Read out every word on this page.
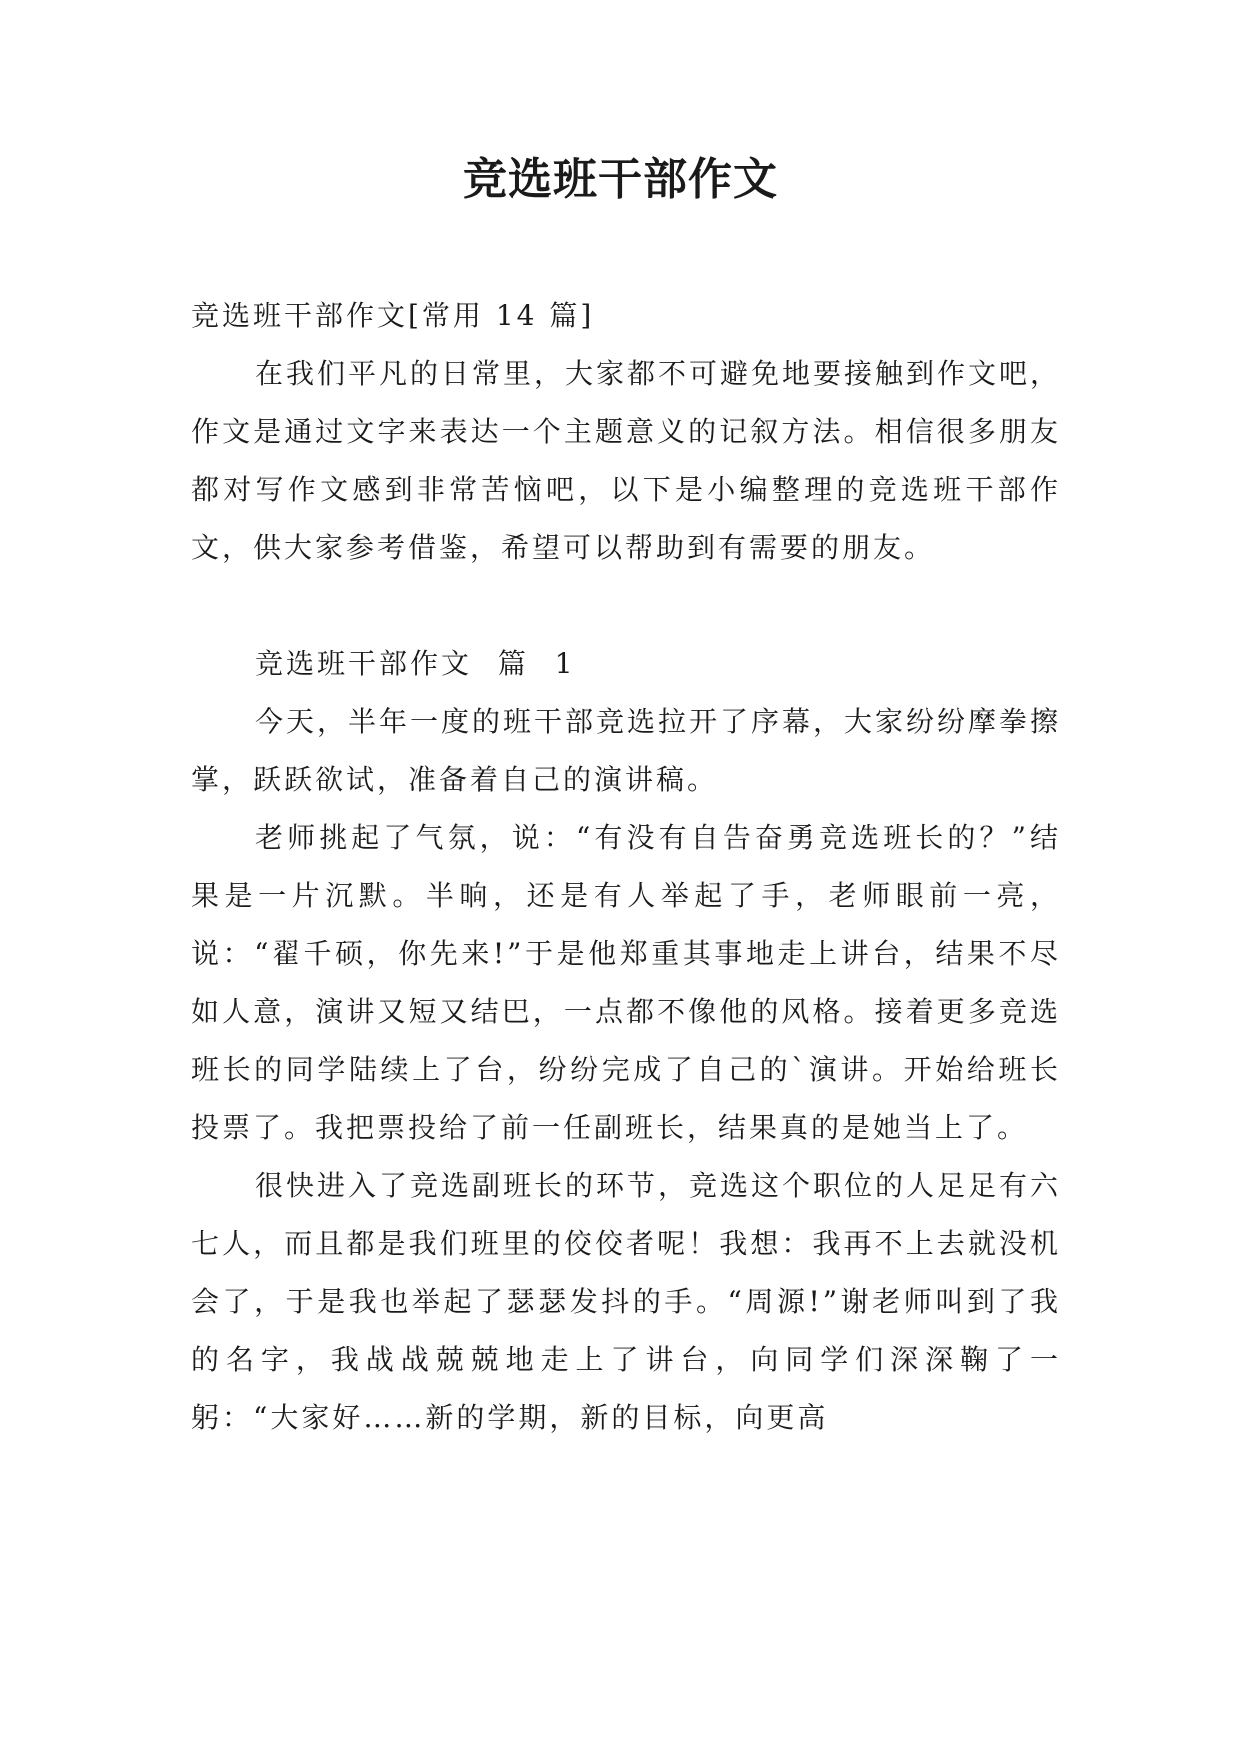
竞选班干部作文

竞选班干部作文[常用 14 篇]

在我们平凡的日常里，大家都不可避免地要接触到作文吧，作文是通过文字来表达一个主题意义的记叙方法。相信很多朋友都对写作文感到非常苦恼吧，以下是小编整理的竞选班干部作文，供大家参考借鉴，希望可以帮助到有需要的朋友。

竞选班干部作文 篇 1

今天，半年一度的班干部竞选拉开了序幕，大家纷纷摩拳擦掌，跃跃欲试，准备着自己的演讲稿。

老师挑起了气氛，说：“有没有自告奋勇竞选班长的？”结果是一片沉默。半晌，还是有人举起了手，老师眼前一亮，说：“翟千硕，你先来!”于是他郑重其事地走上讲台，结果不尽如人意，演讲又短又结巴，一点都不像他的风格。接着更多竞选班长的同学陆续上了台，纷纷完成了自己的`演讲。开始给班长投票了。我把票投给了前一任副班长，结果真的是她当上了。

很快进入了竞选副班长的环节，竞选这个职位的人足足有六七人，而且都是我们班里的佼佼者呢！我想：我再不上去就没机会了，于是我也举起了瑟瑟发抖的手。“周源!”谢老师叫到了我的名字，我战战兢兢地走上了讲台，向同学们深深鞠了一躬：“大家好……新的学期，新的目标，向更高
